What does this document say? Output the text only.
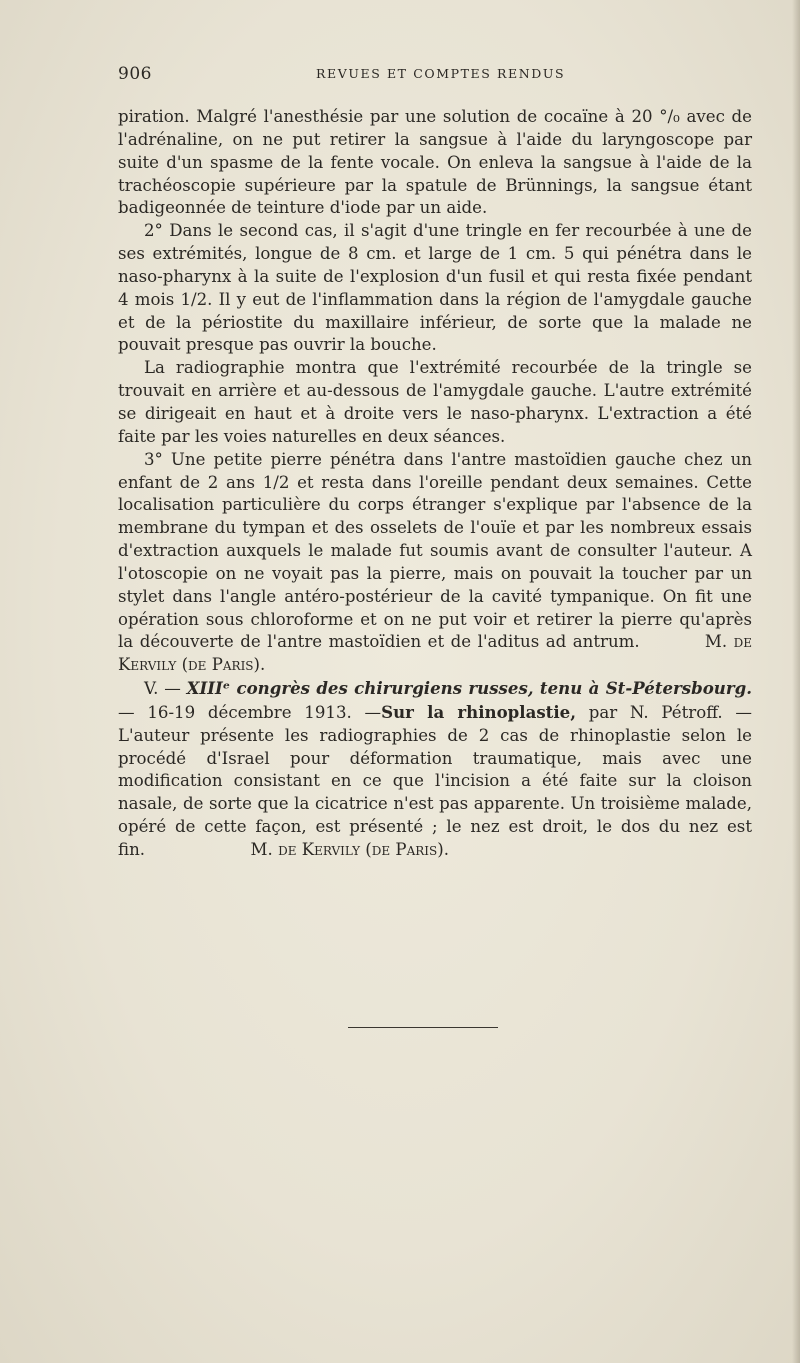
906	REVUES ET COMPTES RENDUS

piration. Malgré l'anesthésie par une solution de cocaïne à 20 °/₀ avec de l'adrénaline, on ne put retirer la sangsue à l'aide du laryngoscope par suite d'un spasme de la fente vocale. On enleva la sangsue à l'aide de la trachéoscopie supérieure par la spatule de Brünnings, la sangsue étant badigeonnée de teinture d'iode par un aide.

2° Dans le second cas, il s'agit d'une tringle en fer recourbée à une de ses extrémités, longue de 8 cm. et large de 1 cm. 5 qui pénétra dans le naso-pharynx à la suite de l'explosion d'un fusil et qui resta fixée pendant 4 mois 1/2. Il y eut de l'inflammation dans la région de l'amygdale gauche et de la périostite du maxillaire inférieur, de sorte que la malade ne pouvait presque pas ouvrir la bouche.

La radiographie montra que l'extrémité recourbée de la tringle se trouvait en arrière et au-dessous de l'amygdale gauche. L'autre extrémité se dirigeait en haut et à droite vers le naso-pharynx. L'extraction a été faite par les voies naturelles en deux séances.

3° Une petite pierre pénétra dans l'antre mastoïdien gauche chez un enfant de 2 ans 1/2 et resta dans l'oreille pendant deux semaines. Cette localisation particulière du corps étranger s'explique par l'absence de la membrane du tympan et des osselets de l'ouïe et par les nombreux essais d'extraction auxquels le malade fut soumis avant de consulter l'auteur. A l'otoscopie on ne voyait pas la pierre, mais on pouvait la toucher par un stylet dans l'angle antéro-postérieur de la cavité tympanique. On fit une opération sous chloroforme et on ne put voir et retirer la pierre qu'après la découverte de l'antre mastoïdien et de l'aditus ad antrum.	M. de Kervily (de Paris).

V. — XIIIᵉ congrès des chirurgiens russes, tenu à St-Pétersbourg. — 16-19 décembre 1913. —Sur la rhinoplastie, par N. Pétroff. — L'auteur présente les radiographies de 2 cas de rhinoplastie selon le procédé d'Israel pour déformation traumatique, mais avec une modification consistant en ce que l'incision a été faite sur la cloison nasale, de sorte que la cicatrice n'est pas apparente. Un troisième malade, opéré de cette façon, est présenté ; le nez est droit, le dos du nez est fin.	M. de Kervily (de Paris).
